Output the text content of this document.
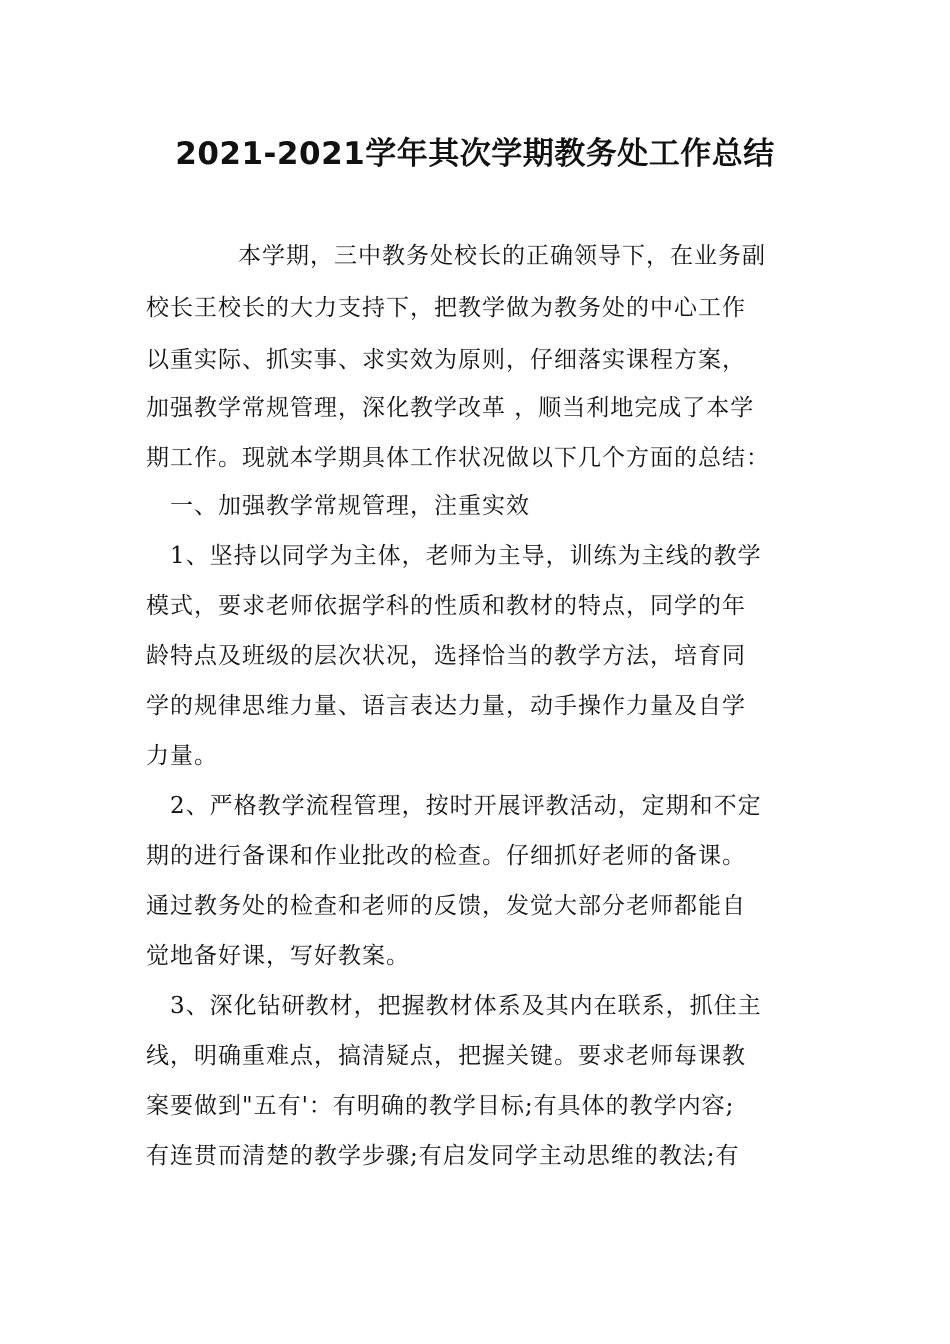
2021-2021学年其次学期教务处工作总结
本学期，三中教务处校长的正确领导下，在业务副
校长王校长的大力支持下，把教学做为教务处的中心工作
以重实际、抓实事、求实效为原则，仔细落实课程方案，
加强教学常规管理，深化教学改革 ，顺当利地完成了本学
期工作。现就本学期具体工作状况做以下几个方面的总结：
一、加强教学常规管理，注重实效
1、坚持以同学为主体，老师为主导，训练为主线的教学
模式，要求老师依据学科的性质和教材的特点，同学的年
龄特点及班级的层次状况，选择恰当的教学方法，培育同
学的规律思维力量、语言表达力量，动手操作力量及自学
力量。
2、严格教学流程管理，按时开展评教活动，定期和不定
期的进行备课和作业批改的检查。仔细抓好老师的备课。
通过教务处的检查和老师的反馈，发觉大部分老师都能自
觉地备好课，写好教案。
3、深化钻研教材，把握教材体系及其内在联系，抓住主
线，明确重难点，搞清疑点，把握关键。要求老师每课教
案要做到"五有'：有明确的教学目标;有具体的教学内容;
有连贯而清楚的教学步骤;有启发同学主动思维的教法;有
